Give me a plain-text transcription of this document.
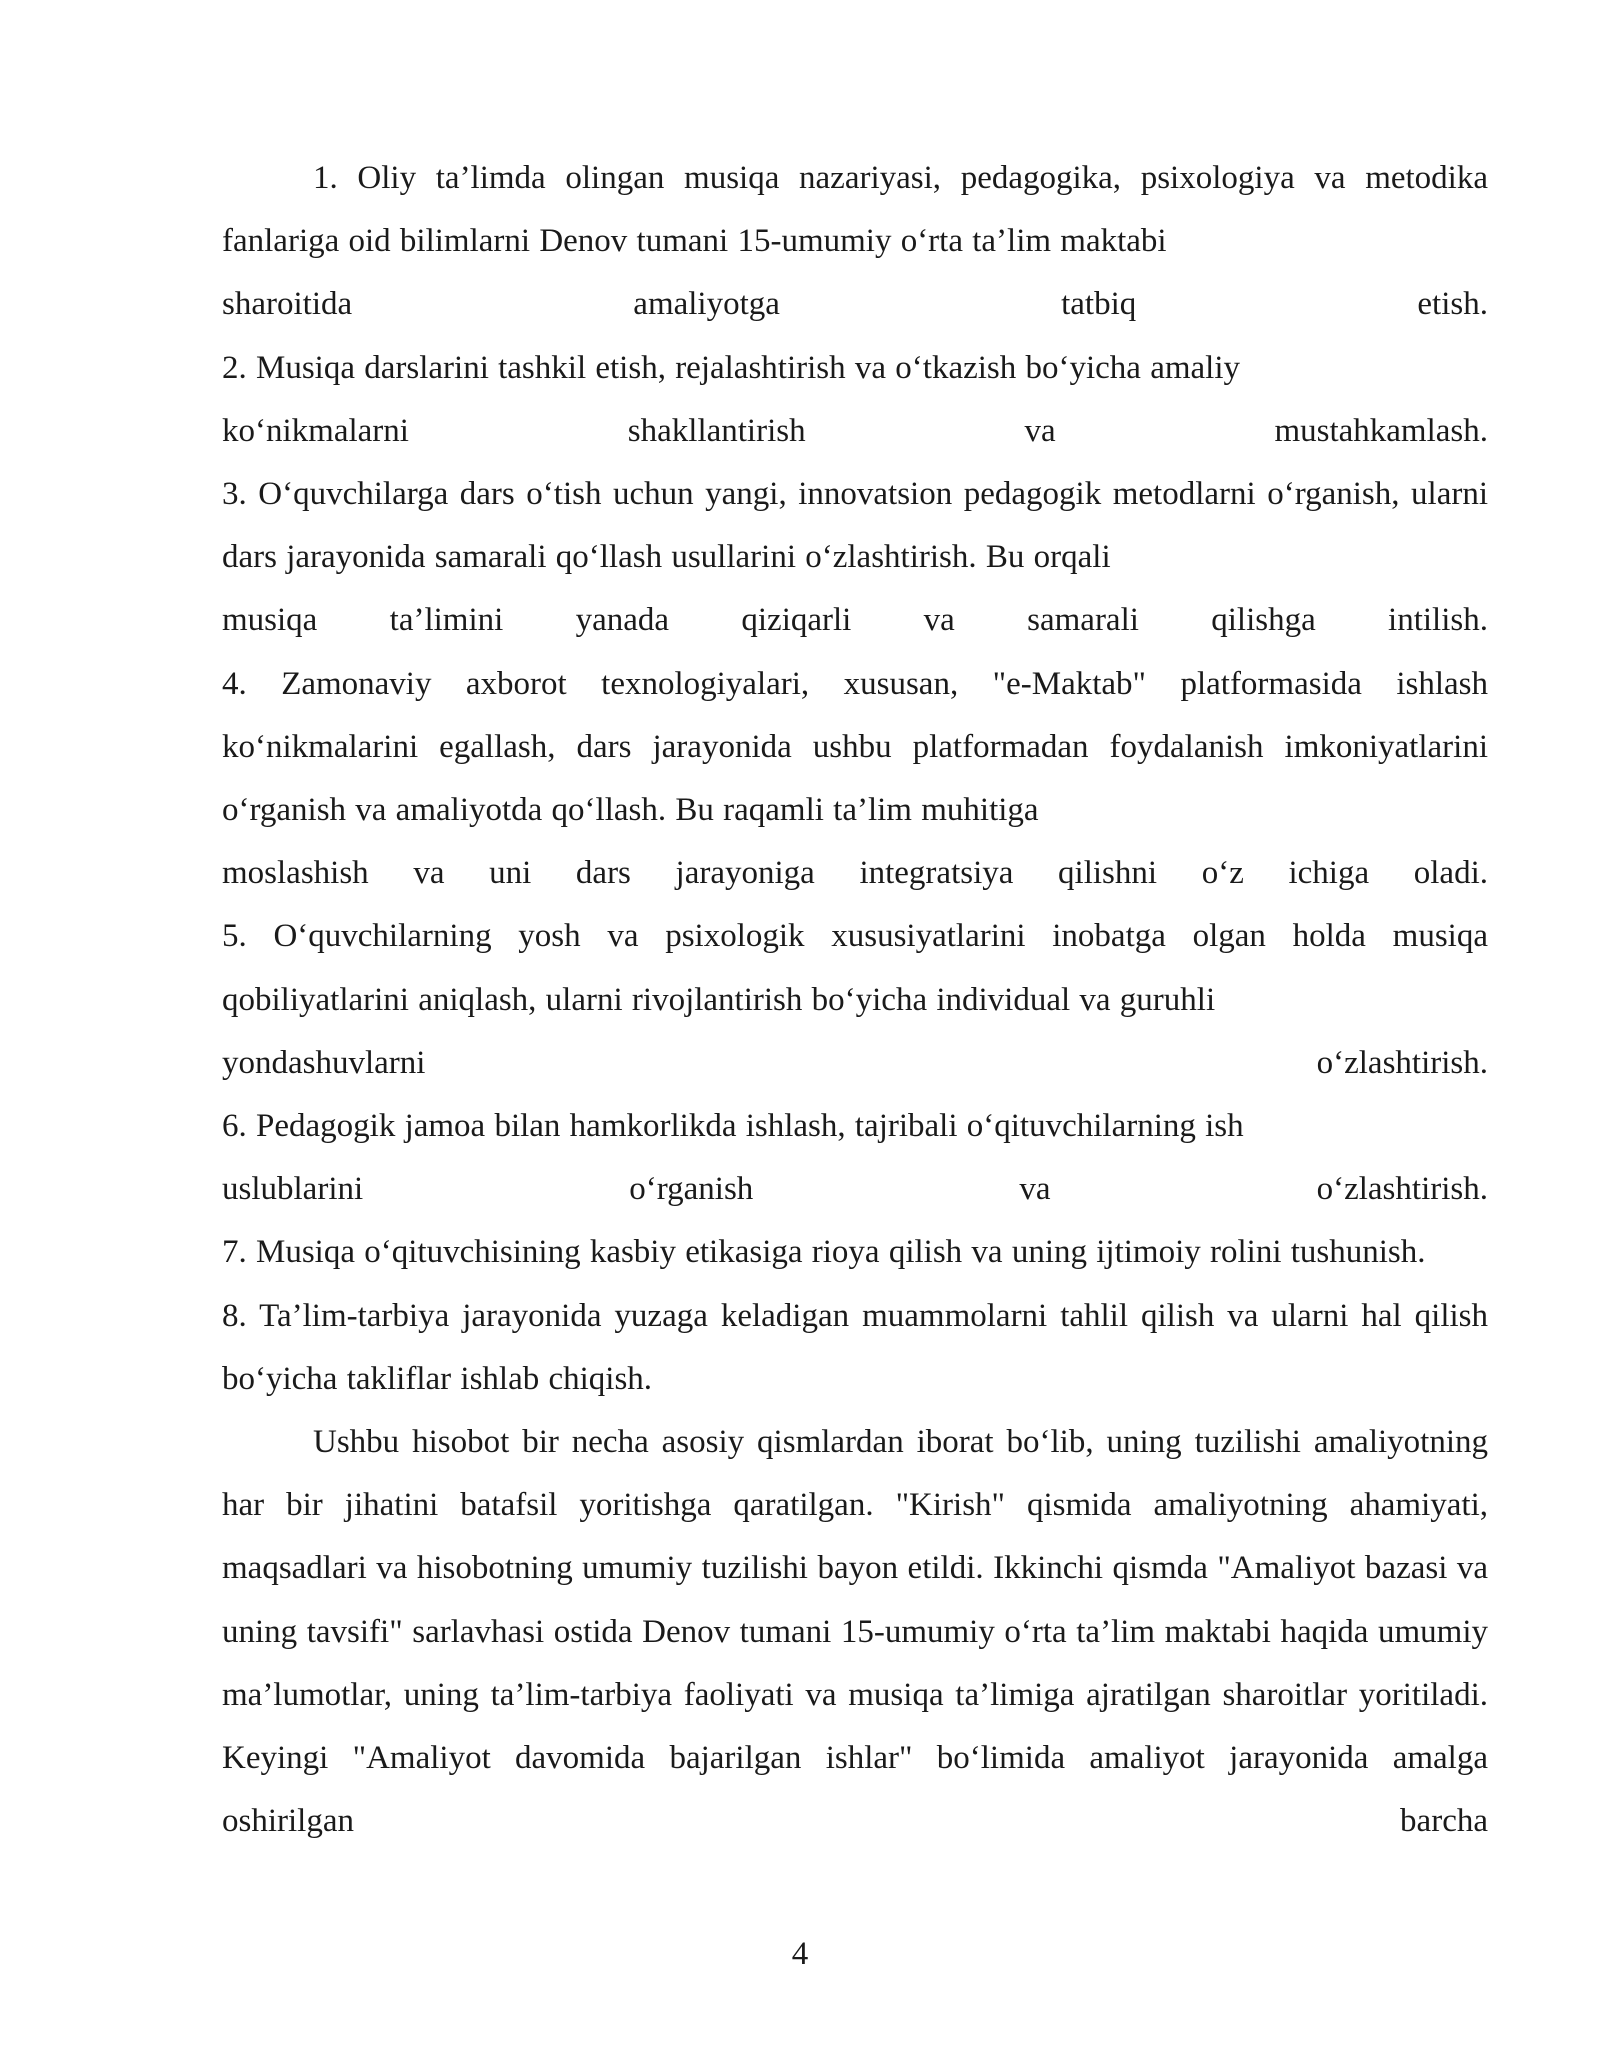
1. Oliy ta’limda olingan musiqa nazariyasi, pedagogika, psixologiya va metodika fanlariga oid bilimlarni Denov tumani 15-umumiy o‘rta ta’lim maktabi
sharoitida amaliyotga tatbiq etish.
2. Musiqa darslarini tashkil etish, rejalashtirish va o‘tkazish bo‘yicha amaliy
ko‘nikmalarni shakllantirish va mustahkamlash.
3. O‘quvchilarga dars o‘tish uchun yangi, innovatsion pedagogik metodlarni o‘rganish, ularni dars jarayonida samarali qo‘llash usullarini o‘zlashtirish. Bu orqali
musiqa ta’limini yanada qiziqarli va samarali qilishga intilish.
4. Zamonaviy axborot texnologiyalari, xususan, "e-Maktab" platformasida ishlash ko‘nikmalarini egallash, dars jarayonida ushbu platformadan foydalanish imkoniyatlarini o‘rganish va amaliyotda qo‘llash. Bu raqamli ta’lim muhitiga
moslashish va uni dars jarayoniga integratsiya qilishni o‘z ichiga oladi.
5. O‘quvchilarning yosh va psixologik xususiyatlarini inobatga olgan holda musiqa qobiliyatlarini aniqlash, ularni rivojlantirish bo‘yicha individual va guruhli
yondashuvlarni o‘zlashtirish.
6. Pedagogik jamoa bilan hamkorlikda ishlash, tajribali o‘qituvchilarning ish
uslublarini o‘rganish va o‘zlashtirish.
7. Musiqa o‘qituvchisining kasbiy etikasiga rioya qilish va uning ijtimoiy rolini tushunish.
8. Ta’lim-tarbiya jarayonida yuzaga keladigan muammolarni tahlil qilish va ularni hal qilish bo‘yicha takliflar ishlab chiqish.

Ushbu hisobot bir necha asosiy qismlardan iborat bo‘lib, uning tuzilishi amaliyotning har bir jihatini batafsil yoritishga qaratilgan. "Kirish" qismida amaliyotning ahamiyati, maqsadlari va hisobotning umumiy tuzilishi bayon etildi. Ikkinchi qismda "Amaliyot bazasi va uning tavsifi" sarlavhasi ostida Denov tumani 15-umumiy o‘rta ta’lim maktabi haqida umumiy ma’lumotlar, uning ta’lim-tarbiya faoliyati va musiqa ta’limiga ajratilgan sharoitlar yoritiladi. Keyingi "Amaliyot davomida bajarilgan ishlar" bo‘limida amaliyot jarayonida amalga oshirilgan barcha

4
